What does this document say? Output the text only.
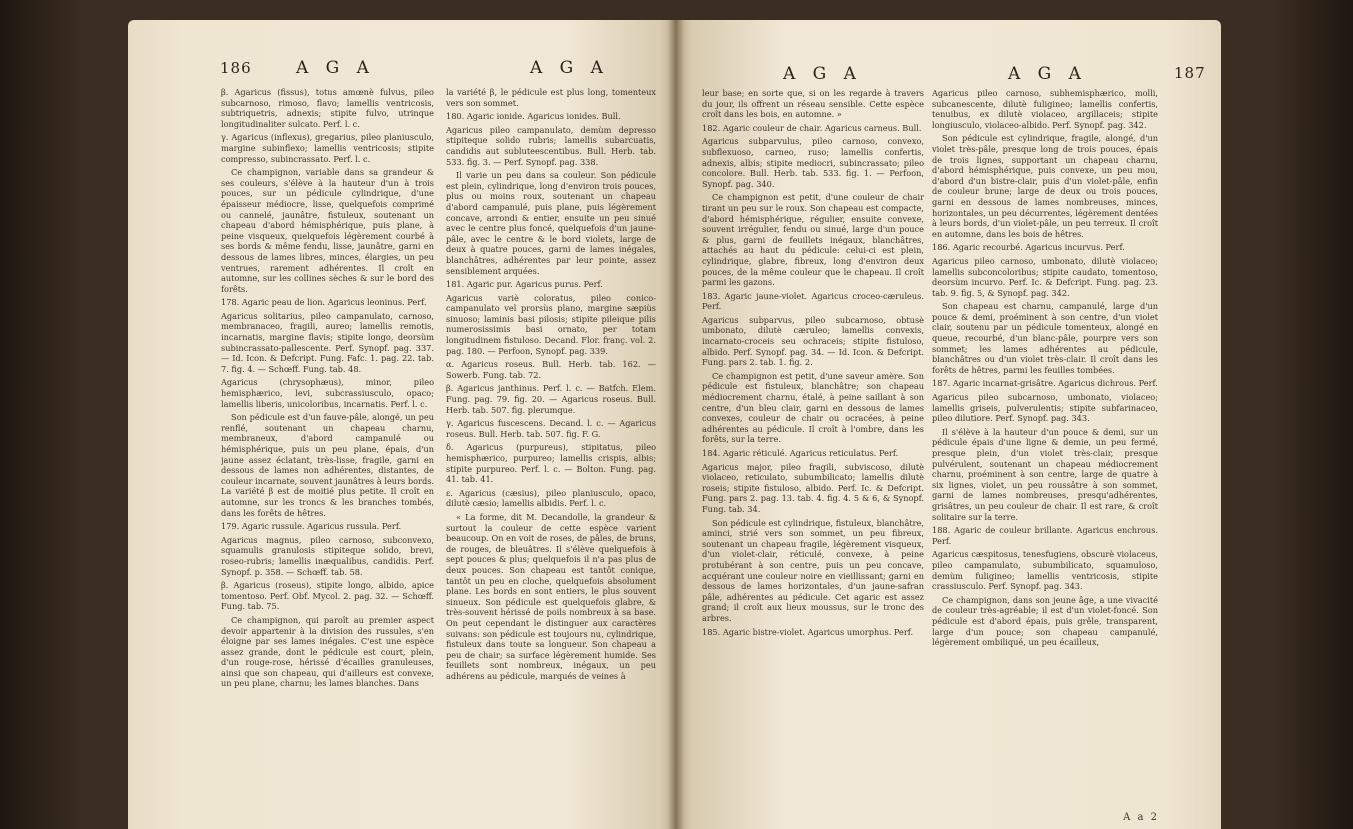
186	A G A	A G A

β. Agaricus (fissus), totus amœnè fulvus, pileo subcarnoso, rimoso, flavo; lamellis ventricosis, subtriquetris, adnexis; stipite fulvo, utrinque longitudinaliter sulcato. Perf. l. c.

γ. Agaricus (inflexus), gregarius, pileo planiusculo, margine subinflexo; lamellis ventricosis; stipite compresso, subincrassato. Perf. l. c.

Ce champignon, variable dans sa grandeur & ses couleurs, s'élève à la hauteur d'un à trois pouces, sur un pédicule cylindrique, d'une épaisseur médiocre, lisse, quelquefois comprimé ou cannelé, jaunâtre, fistuleux, soutenant un chapeau d'abord hémisphérique, puis plane, à peine visqueux, quelquefois légèrement courbé à ses bords & même fendu, lisse, jaunâtre, garni en dessous de lames libres, minces, élargies, un peu ventrues, rarement adhérentes. Il croît en automne, sur les collines sèches & sur le bord des forêts.

178. Agaric peau de lion. Agaricus leoninus. Perf.

Agaricus solitarius, pileo campanulato, carnoso, membranaceo, fragili, aureo; lamellis remotis, incarnatis, margine flavis; stipite longo, deorsùm subincrassato-pallescente. Perf. Synopf. pag. 337. — Id. Icon. & Defcript. Fung. Fafc. 1. pag. 22. tab. 7. fig. 4. — Schœff. Fung. tab. 48.

Agaricus (chrysophæus), minor, pileo hemisphærico, levi, subcrassiusculo, opaco; lamellis liberis, unicoloribus, incarnatis. Perf. l. c.

Son pédicule est d'un fauve-pâle, alongé, un peu renflé, soutenant un chapeau charnu, membraneux, d'abord campanulé ou hémisphérique, puis un peu plane, épais, d'un jaune assez éclatant, très-lisse, fragile, garni en dessous de lames non adhérentes, distantes, de couleur incarnate, souvent jaunâtres à leurs bords. La variété β est de moitié plus petite. Il croît en automne, sur les troncs & les branches tombés, dans les forêts de hêtres.

179. Agaric russule. Agaricus russula. Perf.

Agaricus magnus, pileo carnoso, subconvexo, squamulis granulosis stipiteque solido, brevi, roseo-rubris; lamellis inæqualibus, candidis. Perf. Synopf. p. 358. — Schœff. tab. 58.

β. Agaricus (roseus), stipite longo, albido, apice tomentoso. Perf. Obf. Mycol. 2. pag. 32. — Schœff. Fung. tab. 75.

Ce champignon, qui paroît au premier aspect devoir appartenir à la division des russules, s'en éloigne par ses lames inégales. C'est une espèce assez grande, dont le pédicule est court, plein, d'un rouge-rose, hérissé d'écailles granuleuses, ainsi que son chapeau, qui d'ailleurs est convexe, un peu plane, charnu; les lames blanches. Dans

la variété β, le pédicule est plus long, tomenteux vers son sommet.

180. Agaric ionide. Agaricus ionides. Bull.

Agaricus pileo campanulato, demùm depresso stipiteque solido rubris; lamellis subarcuatis, candidis aut subluteescentibus. Bull. Herb. tab. 533. fig. 3. — Perf. Synopf. pag. 338.

Il varie un peu dans sa couleur. Son pédicule est plein, cylindrique, long d'environ trois pouces, plus ou moins roux, soutenant un chapeau d'abord campanulé, puis plane, puis légèrement concave, arrondi & entier, ensuite un peu sinué avec le centre plus foncé, quelquefois d'un jaune-pâle, avec le centre & le bord violets, large de deux à quatre pouces, garni de lames inégales, blanchâtres, adhérentes par leur pointe, assez sensiblement arquées.

181. Agaric pur. Agaricus purus. Perf.

Agaricus variè coloratus, pileo conico-campanulato vel prorsùs plano, margine sæpiùs sinuoso; laminis basi pilosis; stipite pileique pilis numerosissimis basi ornato, per totam longitudinem fistuloso. Decand. Flor. franç. vol. 2. pag. 180. — Perfoon, Synopf. pag. 339.

α. Agaricus roseus. Bull. Herb. tab. 162. — Sowerb. Fung. tab. 72.

β. Agaricus janthinus. Perf. l. c. — Batfch. Elem. Fung. pag. 79. fig. 20. — Agaricus roseus. Bull. Herb. tab. 507. fig. plerumque.

γ. Agaricus fuscescens. Decand. l. c. — Agaricus roseus. Bull. Herb. tab. 507. fig. F. G.

δ. Agaricus (purpureus), stipitatus, pileo hemisphærico, purpureo; lamellis crispis, albis; stipite purpureo. Perf. l. c. — Bolton. Fung. pag. 41. tab. 41.

ε. Agaricus (cæsius), pileo planiusculo, opaco, dilutè cæsio; lamellis albidis. Perf. l. c.

« La forme, dit M. Decandolle, la grandeur & surtout la couleur de cette espèce varient beaucoup. On en voit de roses, de pâles, de bruns, de rouges, de bleuâtres. Il s'élève quelquefois à sept pouces & plus; quelquefois il n'a pas plus de deux pouces. Son chapeau est tantôt conique, tantôt un peu en cloche, quelquefois absolument plane. Les bords en sont entiers, le plus souvent sinueux. Son pédicule est quelquefois glabre, & très-souvent hérissé de poils nombreux à sa base. On peut cependant le distinguer aux caractères suivans: son pédicule est toujours nu, cylindrique, fistuleux dans toute sa longueur. Son chapeau a peu de chair; sa surface légèrement humide. Ses feuillets sont nombreux, inégaux, un peu adhérens au pédicule, marqués de veines à

A G A	A G A	187

leur base; en sorte que, si on les regarde à travers du jour, ils offrent un réseau sensible. Cette espèce croît dans les bois, en automne. »

182. Agaric couleur de chair. Agaricus carneus. Bull.

Agaricus subparvulus, pileo carnoso, convexo, subflexuoso, carneo, ruso; lamellis confertis, adnexis, albis; stipite mediocri, subincrassato; pileo concolore. Bull. Herb. tab. 533. fig. 1. — Perfoon, Synopf. pag. 340.

Ce champignon est petit, d'une couleur de chair tirant un peu sur le roux. Son chapeau est compacte, d'abord hémisphérique, régulier, ensuite convexe, souvent irrégulier, fendu ou sinué, large d'un pouce & plus, garni de feuillets inégaux, blanchâtres, attachés au haut du pédicule: celui-ci est plein, cylindrique, glabre, fibreux, long d'environ deux pouces, de la même couleur que le chapeau. Il croît parmi les gazons.

183. Agaric jaune-violet. Agaricus croceo-cæruleus. Perf.

Agaricus subparvus, pileo subcarnoso, obtusè umbonato, dilutè cæruleo; lamellis convexis, incarnato-croceis seu ochraceis; stipite fistuloso, albido. Perf. Synopf. pag. 34. — Id. Icon. & Defcript. Fung. pars 2. tab. 1. fig. 2.

Ce champignon est petit, d'une saveur amère. Son pédicule est fistuleux, blanchâtre; son chapeau médiocrement charnu, étalé, à peine saillant à son centre, d'un bleu clair, garni en dessous de lames convexes, couleur de chair ou ocracées, à peine adhérentes au pédicule. Il croît à l'ombre, dans les forêts, sur la terre.

184. Agaric réticulé. Agaricus reticulatus. Perf.

Agaricus major, pileo fragili, subviscoso, dilutè violaceo, reticulato, subumbilicato; lamellis dilutè roseis; stipite fistuloso, albido. Perf. Ic. & Defcript. Fung. pars 2. pag. 13. tab. 4. fig. 4. 5 & 6, & Synopf. Fung. tab. 34.

Son pédicule est cylindrique, fistuleux, blanchâtre, aminci, strié vers son sommet, un peu fibreux, soutenant un chapeau fragile, légèrement visqueux, d'un violet-clair, réticulé, convexe, à peine protubérant à son centre, puis un peu concave, acquérant une couleur noire en vieillissant; garni en dessous de lames horizontales, d'un jaune-safran pâle, adhérentes au pédicule. Cet agaric est assez grand; il croît aux lieux moussus, sur le tronc des arbres.

185. Agaric bistre-violet. Agaricus umorphus. Perf.

Agaricus pileo carnoso, subhemisphærico, molli, subcanescente, dilutè fuligineo; lamellis confertis, tenuibus, ex dilutè violaceo, argillaceis; stipite longiusculo, violaceo-albido. Perf. Synopf. pag. 342.

Son pédicule est cylindrique, fragile, alongé, d'un violet très-pâle, presque long de trois pouces, épais de trois lignes, supportant un chapeau charnu, d'abord hémisphérique, puis convexe, un peu mou, d'abord d'un bistre-clair, puis d'un violet-pâle, enfin de couleur brune; large de deux ou trois pouces, garni en dessous de lames nombreuses, minces, horizontales, un peu décurrentes, légèrement dentées à leurs bords, d'un violet-pâle, un peu terreux. Il croît en automne, dans les bois de hêtres.

186. Agaric recourbé. Agaricus incurvus. Perf.

Agaricus pileo carnoso, umbonato, dilutè violaceo; lamellis subconcoloribus; stipite caudato, tomentoso, deorsùm incurvo. Perf. Ic. & Defcript. Fung. pag. 23. tab. 9. fig. 5, & Synopf. pag. 342.

Son chapeau est charnu, campanulé, large d'un pouce & demi, proéminent à son centre, d'un violet clair, soutenu par un pédicule tomenteux, alongé en queue, recourbé, d'un blanc-pâle, pourpre vers son sommet; les lames adhérentes au pédicule, blanchâtres ou d'un violet très-clair. Il croît dans les forêts de hêtres, parmi les feuilles tombées.

187. Agaric incarnat-grisâtre. Agaricus dichrous. Perf.

Agaricus pileo subcarnoso, umbonato, violaceo; lamellis griseis, pulverulentis; stipite subfarinaceo, pileo dilutiore. Perf. Synopf. pag. 343.

Il s'élève à la hauteur d'un pouce & demi, sur un pédicule épais d'une ligne & demie, un peu fermé, presque plein, d'un violet très-clair, presque pulvérulent, soutenant un chapeau médiocrement charnu, proéminent à son centre, large de quatre à six lignes, violet, un peu roussâtre à son sommet, garni de lames nombreuses, presqu'adhérentes, grisâtres, un peu couleur de chair. Il est rare, & croît solitaire sur la terre.

188. Agaric de couleur brillante. Agaricus enchrous. Perf.

Agaricus cæspitosus, tenesfugiens, obscurè violaceus, pileo campanulato, subumbilicato, squamuloso, demùm fuligineo; lamellis ventricosis, stipite crassiusculo. Perf. Synopf. pag. 343.

Ce champignon, dans son jeune âge, a une vivacité de couleur très-agréable; il est d'un violet-foncé. Son pédicule est d'abord épais, puis grêle, transparent, large d'un pouce; son chapeau campanulé, légèrement ombiliqué, un peu écailleux,

A a 2
